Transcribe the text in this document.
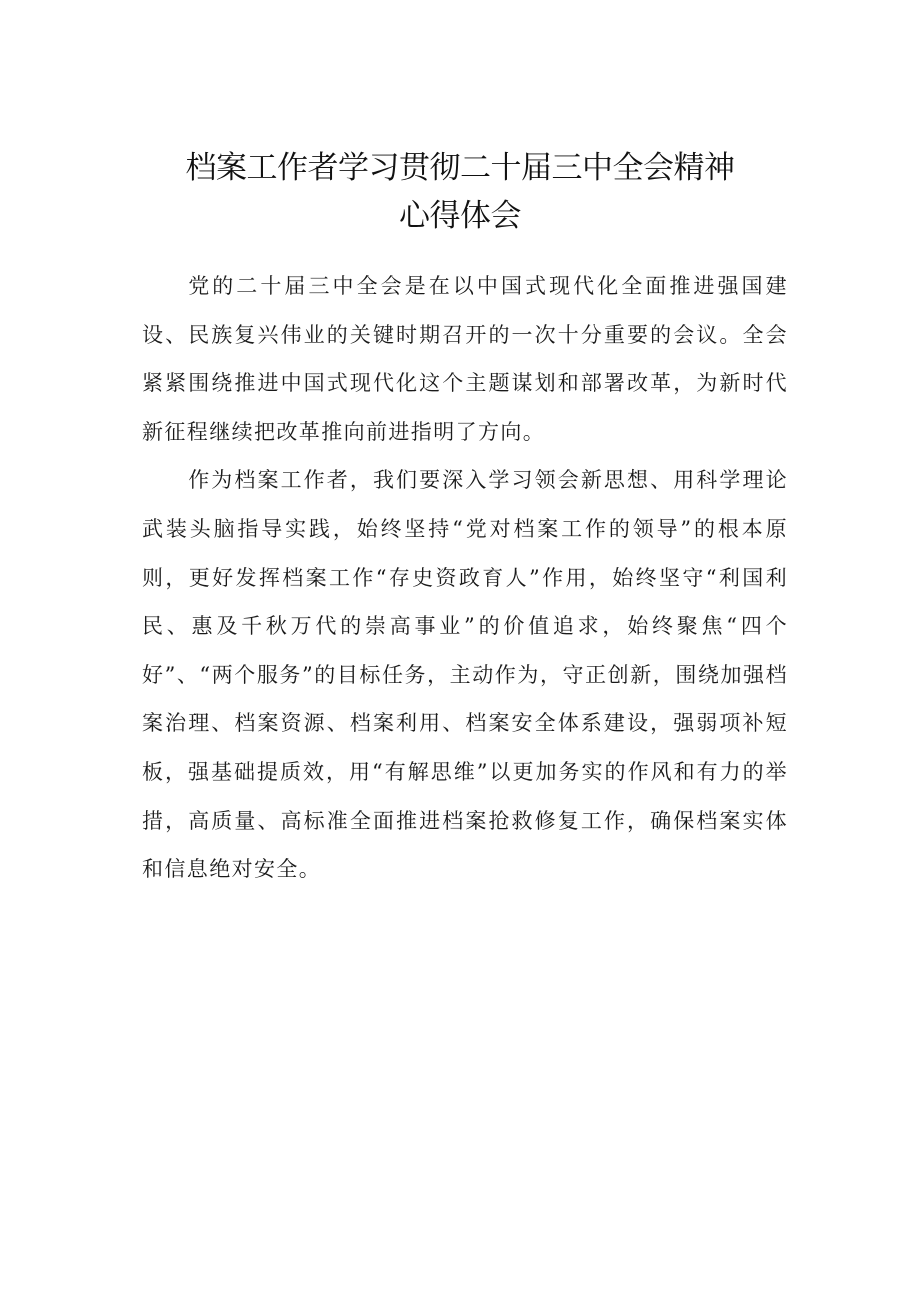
档案工作者学习贯彻二十届三中全会精神
心得体会

党的二十届三中全会是在以中国式现代化全面推进强国建设、民族复兴伟业的关键时期召开的一次十分重要的会议。全会紧紧围绕推进中国式现代化这个主题谋划和部署改革，为新时代新征程继续把改革推向前进指明了方向。

作为档案工作者，我们要深入学习领会新思想、用科学理论武装头脑指导实践，始终坚持“党对档案工作的领导”的根本原则，更好发挥档案工作“存史资政育人”作用，始终坚守“利国利民、惠及千秋万代的崇高事业”的价值追求，始终聚焦“四个好”、“两个服务”的目标任务，主动作为，守正创新，围绕加强档案治理、档案资源、档案利用、档案安全体系建设，强弱项补短板，强基础提质效，用“有解思维”以更加务实的作风和有力的举措，高质量、高标准全面推进档案抢救修复工作，确保档案实体和信息绝对安全。
